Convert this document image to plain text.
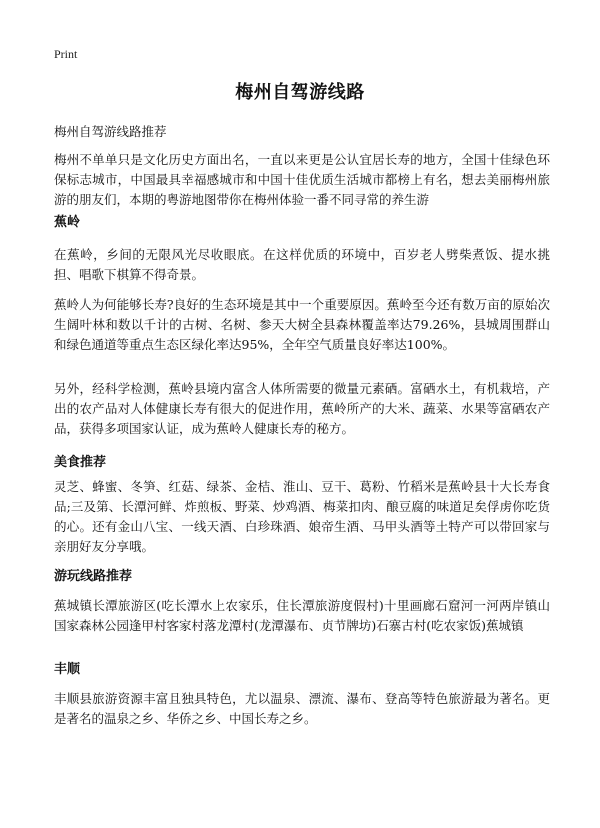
Print
梅州自驾游线路

梅州自驾游线路推荐

梅州不单单只是文化历史方面出名，一直以来更是公认宜居长寿的地方，全国十佳绿色环保标志城市，中国最具幸福感城市和中国十佳优质生活城市都榜上有名，想去美丽梅州旅游的朋友们，本期的粤游地图带你在梅州体验一番不同寻常的养生游

蕉岭

在蕉岭，乡间的无限风光尽收眼底。在这样优质的环境中，百岁老人劈柴煮饭、提水挑担、唱歌下棋算不得奇景。

蕉岭人为何能够长寿?良好的生态环境是其中一个重要原因。蕉岭至今还有数万亩的原始次生阔叶林和数以千计的古树、名树、参天大树全县森林覆盖率达79.26%，县城周围群山和绿色通道等重点生态区绿化率达95%，全年空气质量良好率达100%。

另外，经科学检测，蕉岭县境内富含人体所需要的微量元素硒。富硒水土，有机栽培，产出的农产品对人体健康长寿有很大的促进作用，蕉岭所产的大米、蔬菜、水果等富硒农产品，获得多项国家认证，成为蕉岭人健康长寿的秘方。

美食推荐

灵芝、蜂蜜、冬笋、红菇、绿茶、金桔、淮山、豆干、葛粉、竹稻米是蕉岭县十大长寿食品;三及第、长潭河鲜、炸煎板、野菜、炒鸡酒、梅菜扣肉、酿豆腐的味道足矣俘虏你吃货的心。还有金山八宝、一线天酒、白珍珠酒、娘帝生酒、马甲头酒等土特产可以带回家与亲朋好友分享哦。

游玩线路推荐

蕉城镇长潭旅游区(吃长潭水上农家乐，住长潭旅游度假村)十里画廊石窟河一河两岸镇山国家森林公园逢甲村客家村落龙潭村(龙潭瀑布、贞节牌坊)石寨古村(吃农家饭)蕉城镇

丰顺

丰顺县旅游资源丰富且独具特色，尤以温泉、漂流、瀑布、登高等特色旅游最为著名。更是著名的温泉之乡、华侨之乡、中国长寿之乡。
